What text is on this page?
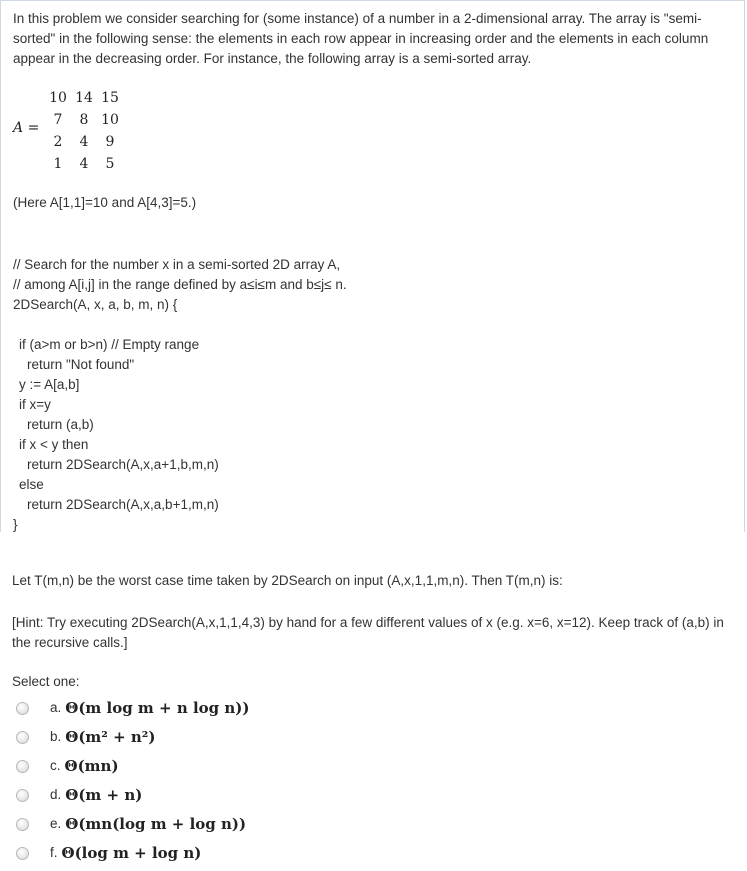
In this problem we consider searching for (some instance) of a number in a 2-dimensional array. The array is "semi-sorted" in the following sense: the elements in each row appear in increasing order and the elements in each column appear in the decreasing order. For instance, the following array is a semi-sorted array.

A =
10	14	15
7	8	10
2	4	9
1	4	5

(Here A[1,1]=10 and A[4,3]=5.)

// Search for the number x in a semi-sorted 2D array A,
// among A[i,j] in the range defined by a≤i≤m and b≤j≤ n.
2DSearch(A, x, a, b, m, n) {
if (a>m or b>n) // Empty range
return "Not found"
y := A[a,b]
if x=y
return (a,b)
if x < y then
return 2DSearch(A,x,a+1,b,m,n)
else
return 2DSearch(A,x,a,b+1,m,n)
}

Let T(m,n) be the worst case time taken by 2DSearch on input (A,x,1,1,m,n). Then T(m,n) is:

[Hint: Try executing 2DSearch(A,x,1,1,4,3) by hand for a few different values of x (e.g. x=6, x=12). Keep track of (a,b) in the recursive calls.]

Select one:

a. Θ(m log m + n log n))
b. Θ(m² + n²)
c. Θ(mn)
d. Θ(m + n)
e. Θ(mn(log m + log n))
f. Θ(log m + log n)
